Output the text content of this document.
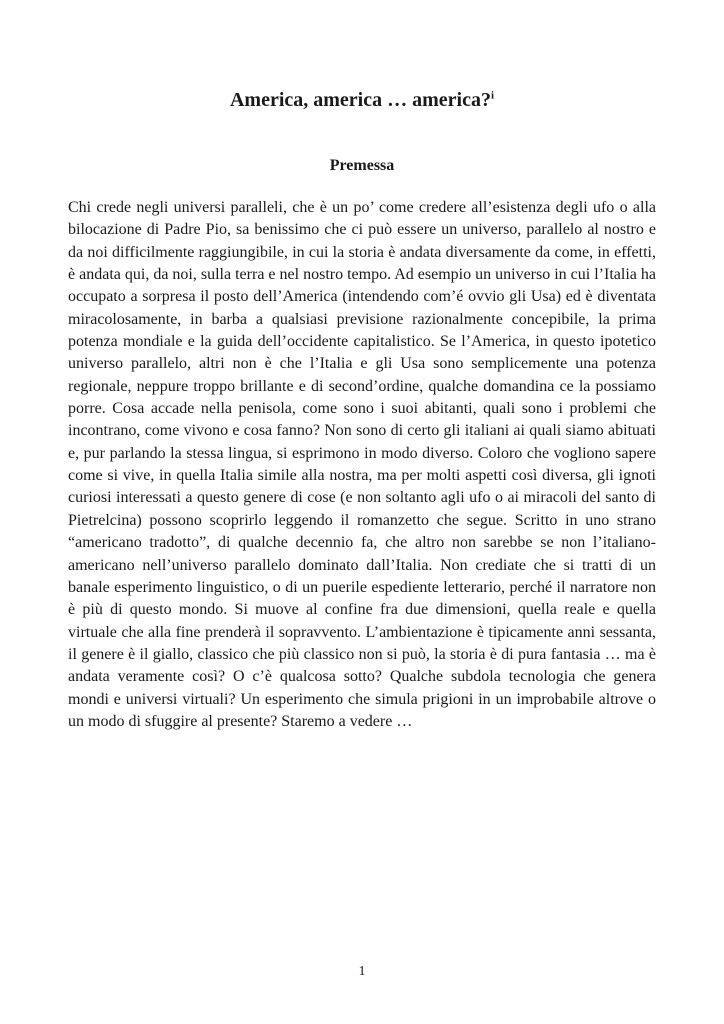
America, america … america?$^i$
Premessa

Chi crede negli universi paralleli, che è un po’ come credere all’esistenza degli ufo o alla bilocazione di Padre Pio, sa benissimo che ci può essere un universo, parallelo al nostro e da noi difficilmente raggiungibile, in cui la storia è andata diversamente da come, in effetti, è andata qui, da noi, sulla terra e nel nostro tempo. Ad esempio un universo in cui l’Italia ha occupato a sorpresa il posto dell’America (intendendo com’é ovvio gli Usa) ed è diventata miracolosamente, in barba a qualsiasi previsione razionalmente concepibile, la prima potenza mondiale e la guida dell’occidente capitalistico. Se l’America, in questo ipotetico universo parallelo, altri non è che l’Italia e gli Usa sono semplicemente una potenza regionale, neppure troppo brillante e di second’ordine, qualche domandina ce la possiamo porre. Cosa accade nella penisola, come sono i suoi abitanti, quali sono i problemi che incontrano, come vivono e cosa fanno? Non sono di certo gli italiani ai quali siamo abituati e, pur parlando la stessa lingua, si esprimono in modo diverso. Coloro che vogliono sapere come si vive, in quella Italia simile alla nostra, ma per molti aspetti così diversa, gli ignoti curiosi interessati a questo genere di cose (e non soltanto agli ufo o ai miracoli del santo di Pietrelcina) possono scoprirlo leggendo il romanzetto che segue. Scritto in uno strano “americano tradotto”, di qualche decennio fa, che altro non sarebbe se non l’italiano-americano nell’universo parallelo dominato dall’Italia. Non crediate che si tratti di un banale esperimento linguistico, o di un puerile espediente letterario, perché il narratore non è più di questo mondo. Si muove al confine fra due dimensioni, quella reale e quella virtuale che alla fine prenderà il sopravvento. L’ambientazione è tipicamente anni sessanta, il genere è il giallo, classico che più classico non si può, la storia è di pura fantasia … ma è andata veramente così? O c’è qualcosa sotto? Qualche subdola tecnologia che genera mondi e universi virtuali? Un esperimento che simula prigioni in un improbabile altrove o un modo di sfuggire al presente? Staremo a vedere …

1
